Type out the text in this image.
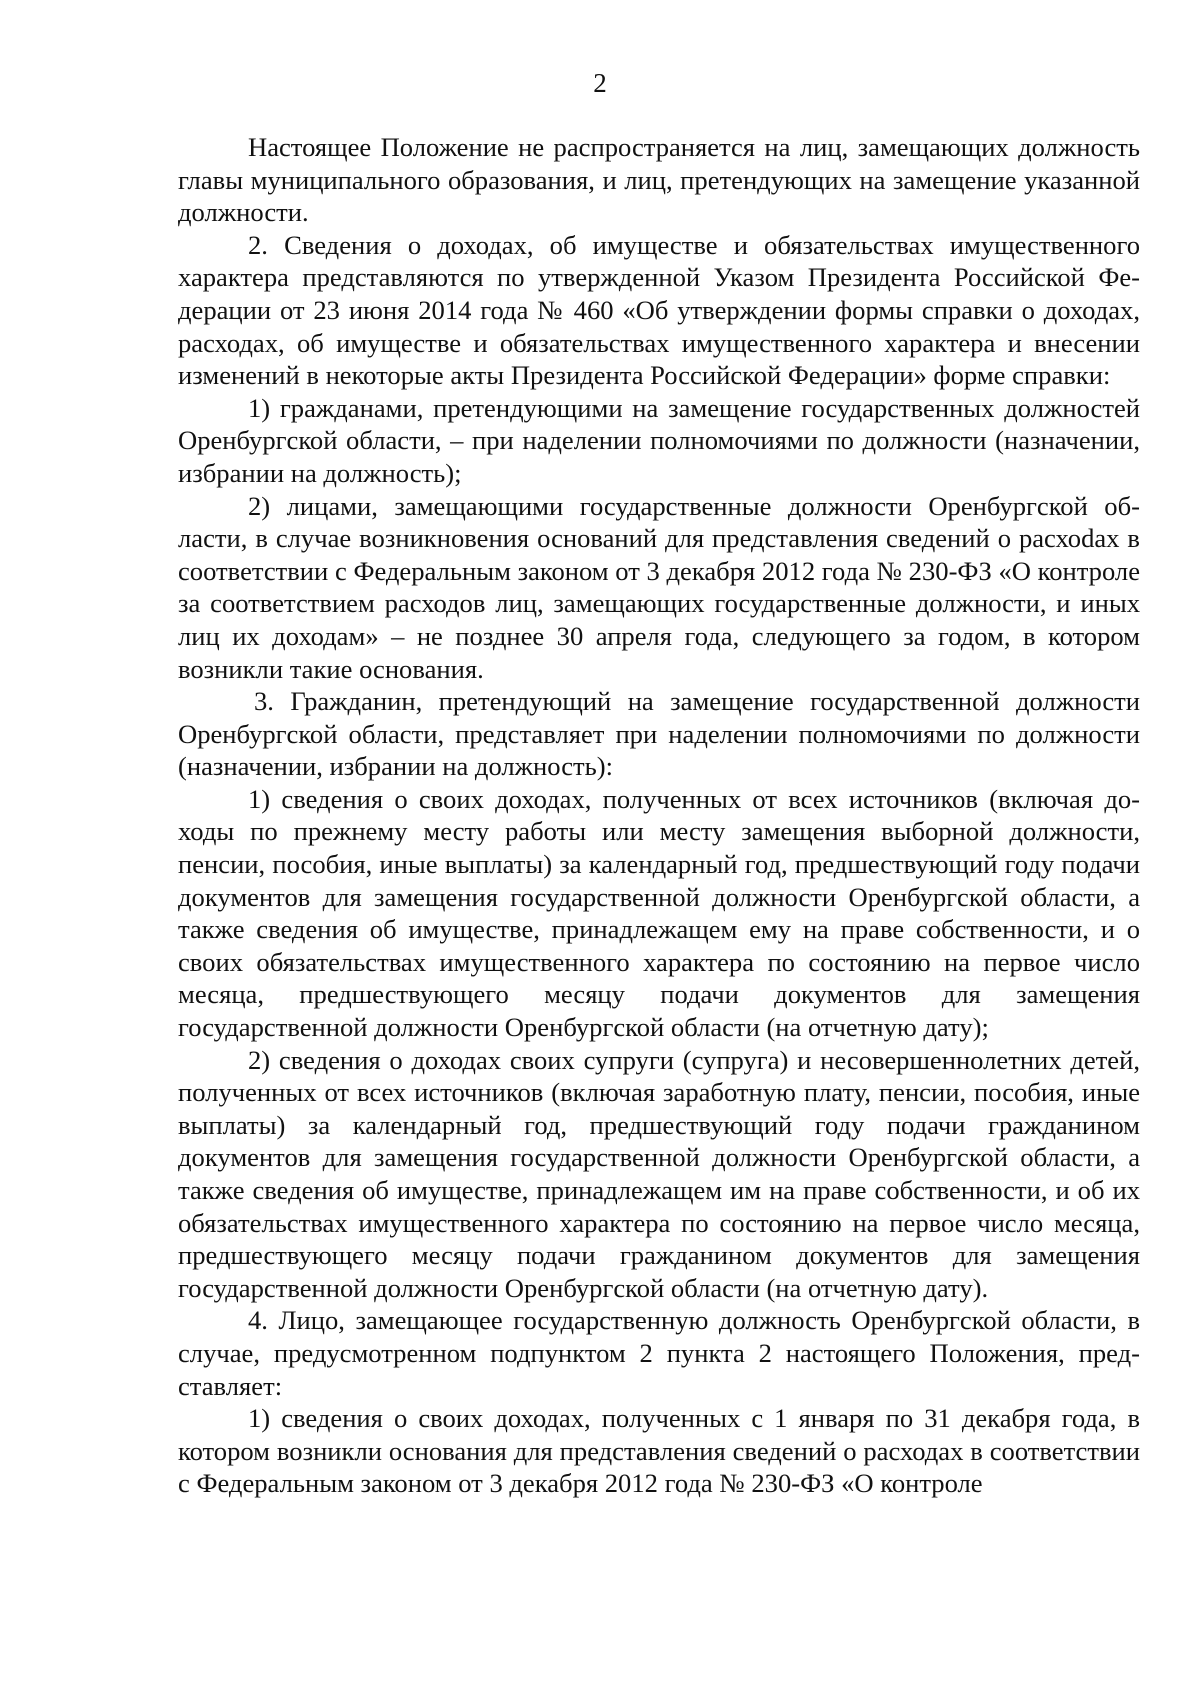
2

Настоящее Положение не распространяется на лиц, замещающих должность главы муниципального образования, и лиц, претендующих на замещение указанной должности.

2. Сведения о доходах, об имуществе и обязательствах имущественного характера представляются по утвержденной Указом Президента Российской Федерации от 23 июня 2014 года № 460 «Об утверждении формы справки о доходах, расходах, об имуществе и обязательствах имущественного характера и внесении изменений в некоторые акты Президента Российской Федерации» форме справки:

1) гражданами, претендующими на замещение государственных должностей Оренбургской области, – при наделении полномочиями по должности (назначении, избрании на должность);

2) лицами, замещающими государственные должности Оренбургской области, в случае возникновения оснований для представления сведений о расхоdах в соответствии с Федеральным законом от 3 декабря 2012 года № 230-ФЗ «О контроле за соответствием расходов лиц, замещающих государственные должности, и иных лиц их доходам» – не позднее 30 апреля года, следующего за годом, в котором возникли такие основания.

3. Гражданин, претендующий на замещение государственной должности Оренбургской области, представляет при наделении полномочиями по должности (назначении, избрании на должность):

1) сведения о своих доходах, полученных от всех источников (включая доходы по прежнему месту работы или месту замещения выборной должности, пенсии, пособия, иные выплаты) за календарный год, предшествующий году подачи документов для замещения государственной должности Оренбургской области, а также сведения об имуществе, принадлежащем ему на праве собственности, и о своих обязательствах имущественного характера по состоянию на первое число месяца, предшествующего месяцу подачи документов для замещения государственной должности Оренбургской области (на отчетную дату);

2) сведения о доходах своих супруги (супруга) и несовершеннолетних детей, полученных от всех источников (включая заработную плату, пенсии, пособия, иные выплаты) за календарный год, предшествующий году подачи гражданином документов для замещения государственной должности Оренбургской области, а также сведения об имуществе, принадлежащем им на праве собственности, и об их обязательствах имущественного характера по состоянию на первое число месяца, предшествующего месяцу подачи гражданином документов для замещения государственной должности Оренбургской области (на отчетную дату).

4. Лицо, замещающее государственную должность Оренбургской области, в случае, предусмотренном подпунктом 2 пункта 2 настоящего Положения, представляет:

1) сведения о своих доходах, полученных с 1 января по 31 декабря года, в котором возникли основания для представления сведений о расходах в соответствии с Федеральным законом от 3 декабря 2012 года № 230-ФЗ «О контроле
